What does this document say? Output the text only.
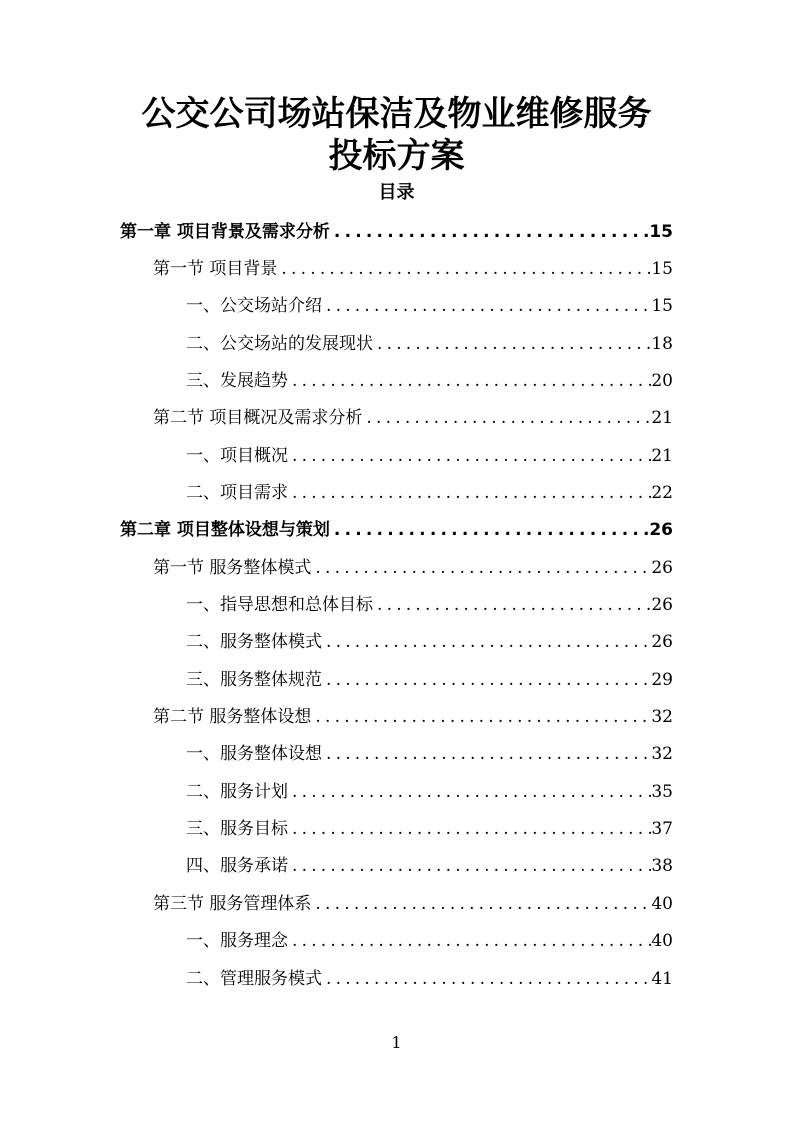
公交公司场站保洁及物业维修服务
投标方案
目录
第一章 项目背景及需求分析 .....	15
第一节 项目背景 .....	15
一、公交场站介绍 .....	15
二、公交场站的发展现状 .....	18
三、发展趋势 .....	20
第二节 项目概况及需求分析 .....	21
一、项目概况 .....	21
二、项目需求 .....	22
第二章 项目整体设想与策划 .....	26
第一节 服务整体模式 .....	26
一、指导思想和总体目标 .....	26
二、服务整体模式 .....	26
三、服务整体规范 .....	29
第二节 服务整体设想 .....	32
一、服务整体设想 .....	32
二、服务计划 .....	35
三、服务目标 .....	37
四、服务承诺 .....	38
第三节 服务管理体系 .....	40
一、服务理念 .....	40
二、管理服务模式 .....	41
1
